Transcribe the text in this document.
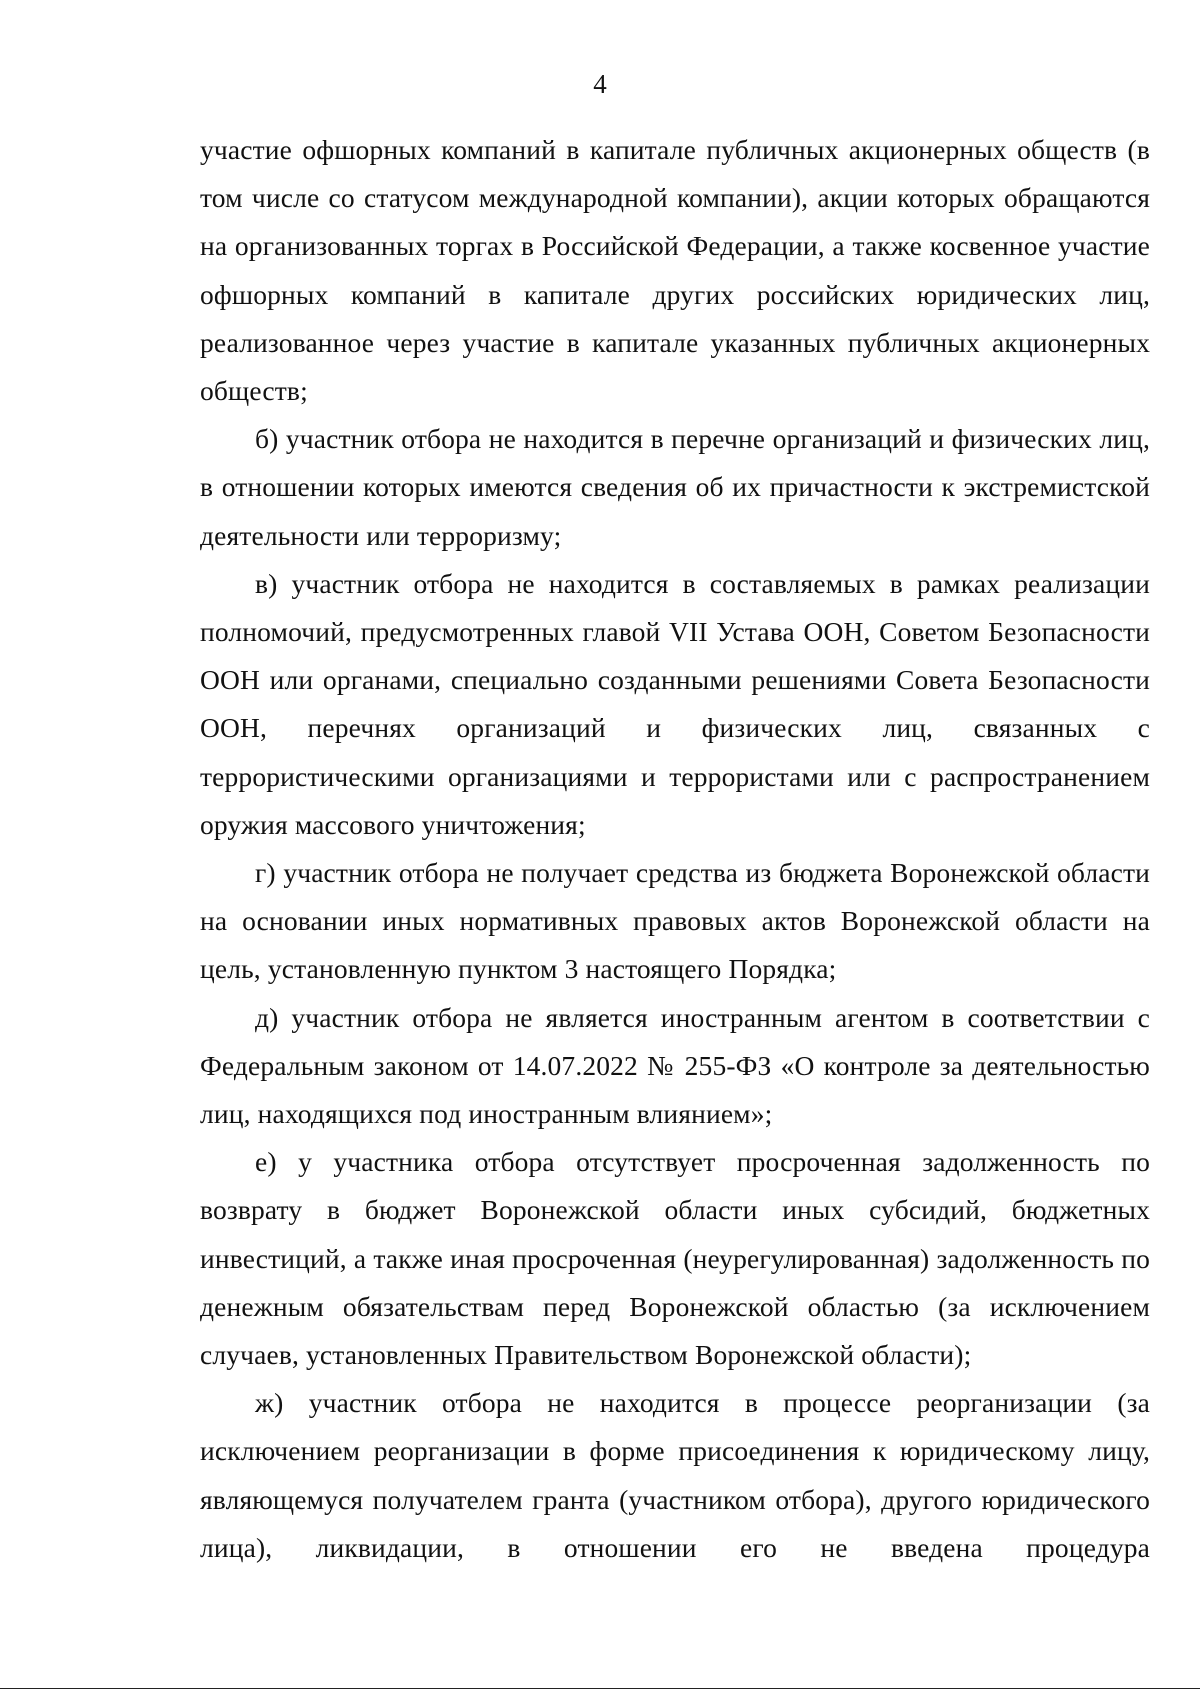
4

участие офшорных компаний в капитале публичных акционерных обществ (в том числе со статусом международной компании), акции которых обращаются на организованных торгах в Российской Федерации, а также косвенное участие офшорных компаний в капитале других российских юридических лиц, реализованное через участие в капитале указанных публичных акционерных обществ;

б) участник отбора не находится в перечне организаций и физических лиц, в отношении которых имеются сведения об их причастности к экстремистской деятельности или терроризму;

в) участник отбора не находится в составляемых в рамках реализации полномочий, предусмотренных главой VII Устава ООН, Советом Безопасности ООН или органами, специально созданными решениями Совета Безопасности ООН, перечнях организаций и физических лиц, связанных с террористическими организациями и террористами или с распространением оружия массового уничтожения;

г) участник отбора не получает средства из бюджета Воронежской области на основании иных нормативных правовых актов Воронежской области на цель, установленную пунктом 3 настоящего Порядка;

д) участник отбора не является иностранным агентом в соответствии с Федеральным законом от 14.07.2022 № 255-ФЗ «О контроле за деятельностью лиц, находящихся под иностранным влиянием»;

е) у участника отбора отсутствует просроченная задолженность по возврату в бюджет Воронежской области иных субсидий, бюджетных инвестиций, а также иная просроченная (неурегулированная) задолженность по денежным обязательствам перед Воронежской областью (за исключением случаев, установленных Правительством Воронежской области);

ж) участник отбора не находится в процессе реорганизации (за исключением реорганизации в форме присоединения к юридическому лицу, являющемуся получателем гранта (участником отбора), другого юридического лица), ликвидации, в отношении его не введена процедура
